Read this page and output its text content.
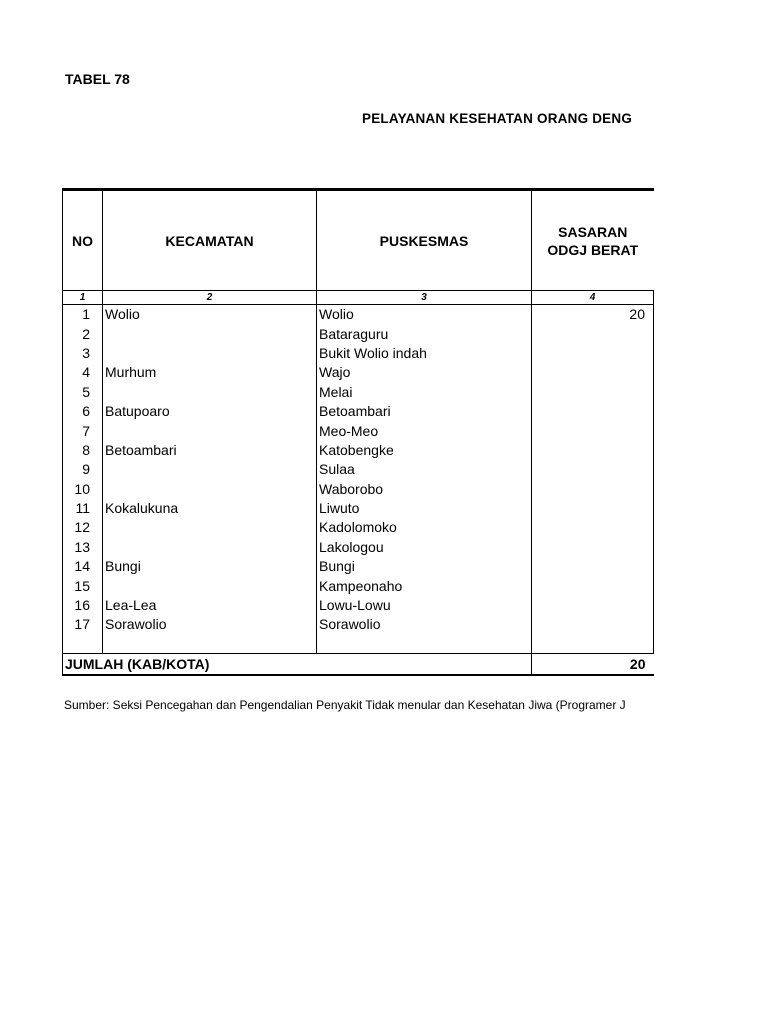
TABEL 78
PELAYANAN KESEHATAN ORANG DENG
NO	KECAMATAN	PUSKESMAS	SASARAN
ODGJ BERAT	
1	2	3	4	
1	Wolio	Wolio	20	
2		Bataraguru		
3		Bukit Wolio indah		
4	Murhum	Wajo		
5		Melai		
6	Batupoaro	Betoambari		
7		Meo-Meo		
8	Betoambari	Katobengke		
9		Sulaa		
10		Waborobo		
11	Kokalukuna	Liwuto		
12		Kadolomoko		
13		Lakologou		
14	Bungi	Bungi		
15		Kampeonaho		
16	Lea-Lea	Lowu-Lowu		
17	Sorawolio	Sorawolio		

JUMLAH (KAB/KOTA)			20	
Sumber: Seksi Pencegahan dan Pengendalian Penyakit Tidak menular dan Kesehatan Jiwa (Programer J
